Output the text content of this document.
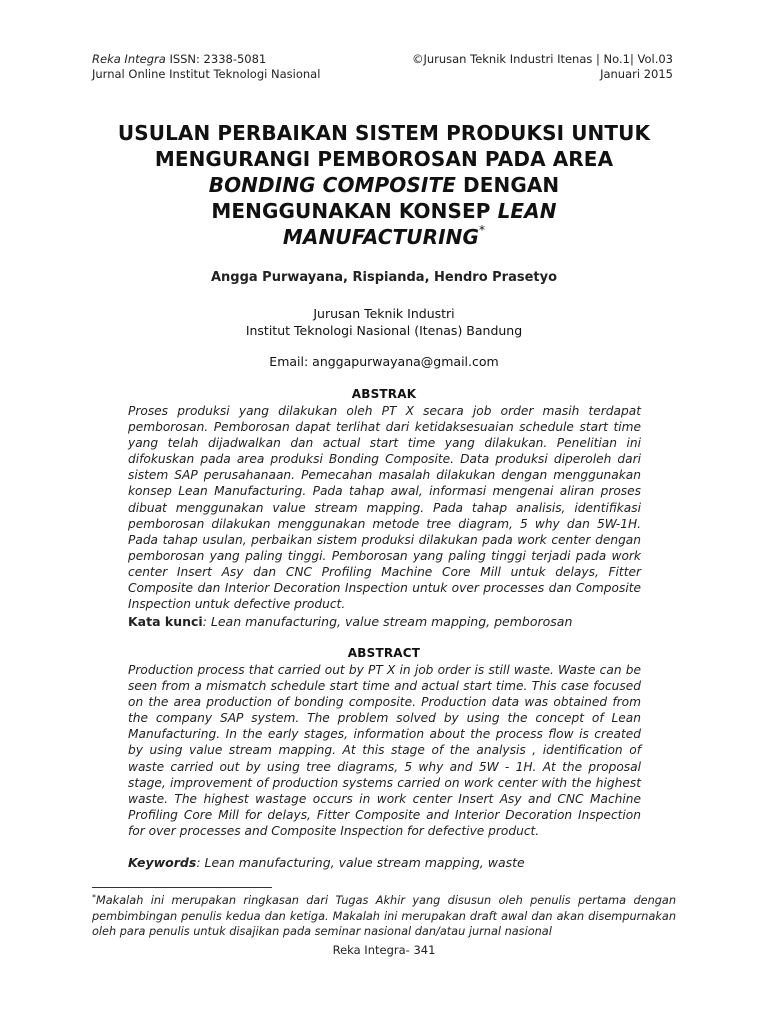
Reka Integra ISSN: 2338-5081
Jurnal Online Institut Teknologi Nasional
©Jurusan Teknik Industri Itenas | No.1| Vol.03
Januari 2015
USULAN PERBAIKAN SISTEM PRODUKSI UNTUK
MENGURANGI PEMBOROSAN PADA AREA
BONDING COMPOSITE DENGAN
MENGGUNAKAN KONSEP LEAN
MANUFACTURING*
Angga Purwayana, Rispianda, Hendro Prasetyo
Jurusan Teknik Industri
Institut Teknologi Nasional (Itenas) Bandung
Email: anggapurwayana@gmail.com
ABSTRAK
Proses produksi yang dilakukan oleh PT X secara job order masih terdapat pemborosan. Pemborosan dapat terlihat dari ketidaksesuaian schedule start time yang telah dijadwalkan dan actual start time yang dilakukan. Penelitian ini difokuskan pada area produksi Bonding Composite. Data produksi diperoleh dari sistem SAP perusahanaan. Pemecahan masalah dilakukan dengan menggunakan konsep Lean Manufacturing. Pada tahap awal, informasi mengenai aliran proses dibuat menggunakan value stream mapping. Pada tahap analisis, identifikasi pemborosan dilakukan menggunakan metode tree diagram, 5 why dan 5W-1H. Pada tahap usulan, perbaikan sistem produksi dilakukan pada work center dengan pemborosan yang paling tinggi. Pemborosan yang paling tinggi terjadi pada work center Insert Asy dan CNC Profiling Machine Core Mill untuk delays, Fitter Composite dan Interior Decoration Inspection untuk over processes dan Composite Inspection untuk defective product.
Kata kunci: Lean manufacturing, value stream mapping, pemborosan
ABSTRACT
Production process that carried out by PT X in job order is still waste. Waste can be seen from a mismatch schedule start time and actual start time. This case focused on the area production of bonding composite. Production data was obtained from the company SAP system. The problem solved by using the concept of Lean Manufacturing. In the early stages, information about the process flow is created by using value stream mapping. At this stage of the analysis , identification of waste carried out by using tree diagrams, 5 why and 5W - 1H. At the proposal stage, improvement of production systems carried on work center with the highest waste. The highest wastage occurs in work center Insert Asy and CNC Machine Profiling Core Mill for delays, Fitter Composite and Interior Decoration Inspection for over processes and Composite Inspection for defective product.
Keywords: Lean manufacturing, value stream mapping, waste
*Makalah ini merupakan ringkasan dari Tugas Akhir yang disusun oleh penulis pertama dengan pembimbingan penulis kedua dan ketiga. Makalah ini merupakan draft awal dan akan disempurnakan oleh para penulis untuk disajikan pada seminar nasional dan/atau jurnal nasional
Reka Integra- 341
